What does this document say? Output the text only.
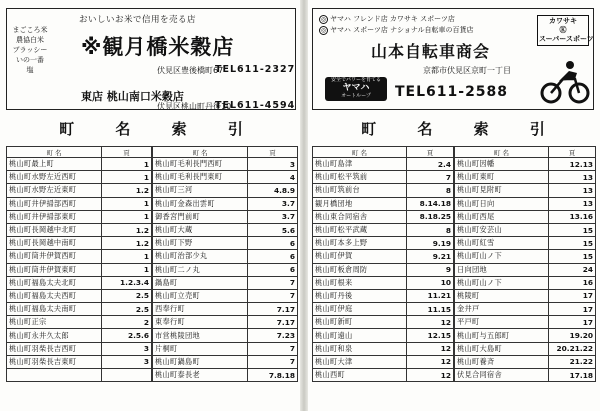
まごころ米
農協白米
ブラッシー
いの一番
塩
おいしいお米で信用を売る店
※観月橋米穀店
伏見区豊後橋町67
TEL611-2327
東店 桃山南口米穀店
伏見区桃山町丹後10
TEL611-4594
町	名	索	引
町 名	頁
桃山町最上町	1
桃山町水野左近西町	1
桃山町水野左近東町	1.2
桃山町井伊掃部西町	1
桃山町井伊掃部東町	1
桃山町長岡越中北町	1.2
桃山町長岡越中南町	1.2
桃山町筒井伊賀西町	1
桃山町筒井伊賀東町	1
桃山町福島太夫北町	1.2.3.4
桃山町福島太夫西町	2.5
桃山町福島太夫南町	2.5
桃山町正宗	2
桃山町永井久太郎	2.5.6
桃山町羽柴長吉西町	3
桃山町羽柴長吉東町	3

町 名	頁
桃山町毛利長門西町	3
桃山町毛利長門東町	4
桃山町三河	4.8.9
桃山町金森出雲町	3.7
御香宮門前町	3.7
桃山町大蔵	5.6
桃山町下野	6
桃山町治部少丸	6
桃山町二ノ丸	6
鍋島町	7
桃山町立売町	7
西奉行町	7.17
東奉行町	7.17
市営桃陵団地	7.23
片桐町	7
桃山町鍋島町	7
桃山町泰長老	7.8.18
◎ ヤマハ フレンド店 カワサキ スポーツ店
◎ ヤマハ スポーツ店 ナショナル自転車の百貨店
カワサキ
Ⓚ
スーパースポーツ
山本自転車商会
京都市伏見区京町一丁目
安全でパワーを育てる
ヤマハ
オートループ	TEL611-2588
町	名	索	引
町 名	頁
桃山町島津	2.4
桃山町松平筑前	7
桃山町筑前台	8
観月橋団地	8.14.18
桃山東合同宿舎	8.18.25
桃山町松平武蔵	8
桃山町本多上野	9.19
桃山町伊賀	9.21
桃山町板倉周防	9
桃山町根来	10
桃山町丹後	11.21
桃山町伊庭	11.15
桃山町新町	12
桃山町遠山	12.15
桃山町和泉	12
桃山町大津	12
桃山西町	12
町 名	頁
桃山町因幡	12.13
桃山町東町	13
桃山町見附町	13
桃山町日向	13
桃山町西尾	13.16
桃山町安芸山	15
桃山町紅雪	15
桃山町山ノ下	15
日向団地	24
桃山町山ノ下	16
桃陵町	17
金井戸	17
平戸町	17
桃山町与五郎町	19.20
桃山町大島町	20.21.22
桃山町養斉	21.22
伏見合同宿舎	17.18
